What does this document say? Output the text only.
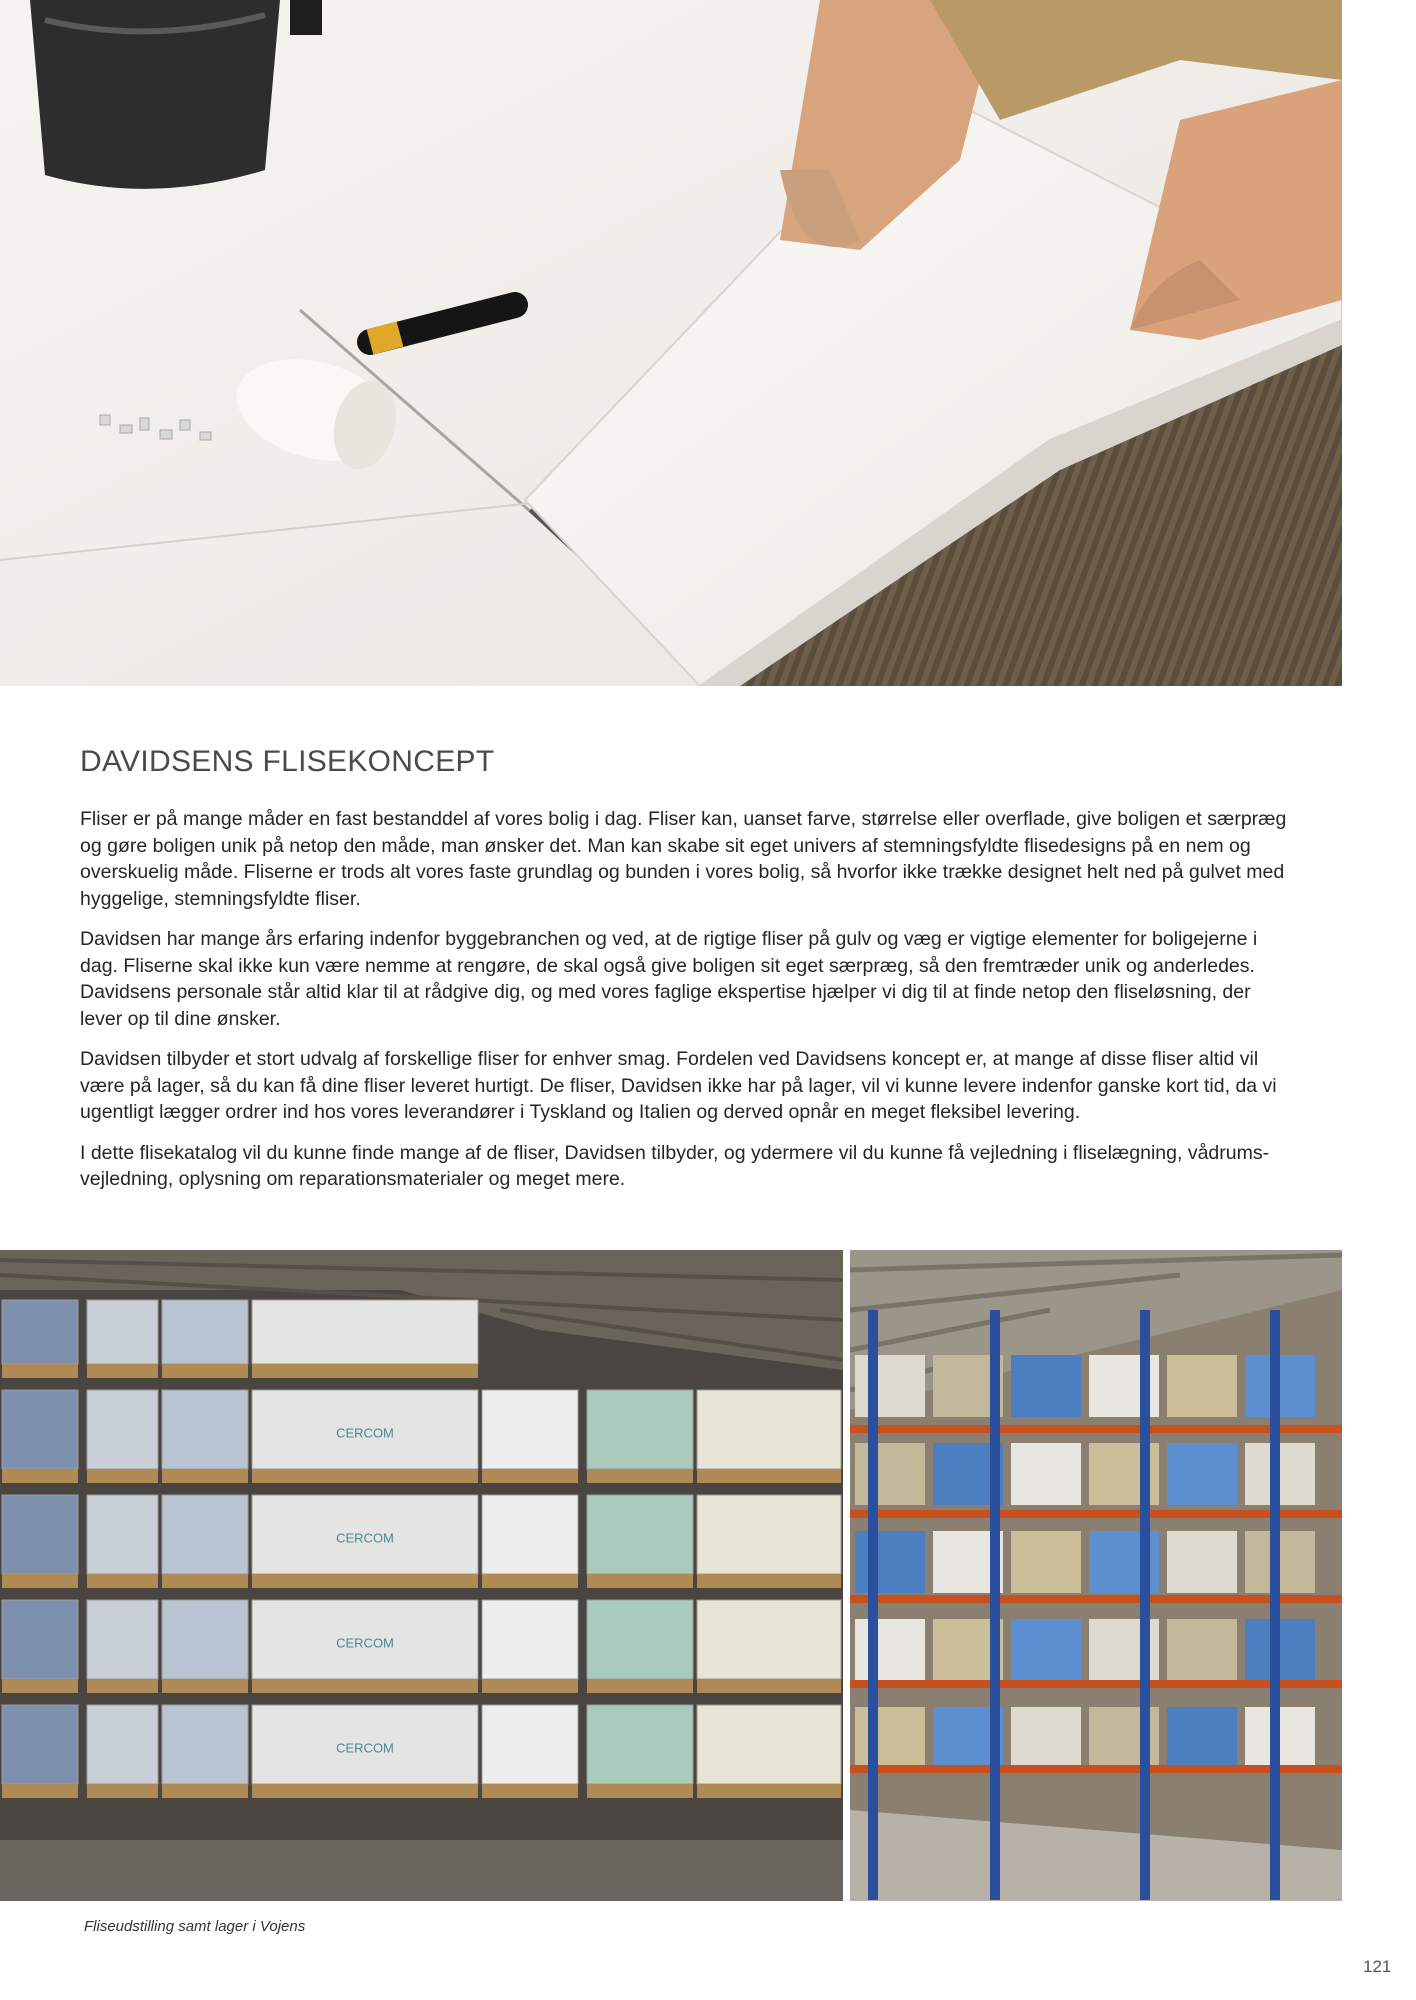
DAVIDSENS FLISEKONCEPT

Fliser er på mange måder en fast bestanddel af vores bolig i dag. Fliser kan, uanset farve, størrelse eller overflade, give boligen et særpræg og gøre boligen unik på netop den måde, man ønsker det. Man kan skabe sit eget univers af stemningsfyldte flisedesigns på en nem og overskuelig måde. Fliserne er trods alt vores faste grundlag og bunden i vores bolig, så hvorfor ikke trække designet helt ned på gulvet med hyggelige, stemningsfyldte fliser.

Davidsen har mange års erfaring indenfor byggebranchen og ved, at de rigtige fliser på gulv og væg er vigtige elementer for boligejerne i dag. Fliserne skal ikke kun være nemme at rengøre, de skal også give boligen sit eget særpræg, så den fremtræder unik og anderledes. Davidsens personale står altid klar til at rådgive dig, og med vores faglige ekspertise hjælper vi dig til at finde netop den fliseløsning, der lever op til dine ønsker.

Davidsen tilbyder et stort udvalg af forskellige fliser for enhver smag. Fordelen ved Davidsens koncept er, at mange af disse fliser altid vil være på lager, så du kan få dine fliser leveret hurtigt. De fliser, Davidsen ikke har på lager, vil vi kunne levere indenfor ganske kort tid, da vi ugentligt lægger ordrer ind hos vores leverandører i Tyskland og Italien og derved opnår en meget fleksibel levering.

I dette flisekatalog vil du kunne finde mange af de fliser, Davidsen tilbyder, og ydermere vil du kunne få vejledning i fliselægning, vådrums-vejledning, oplysning om reparationsmaterialer og meget mere.

CERCOM
CERCOM
CERCOM
CERCOM
Fliseudstilling samt lager i Vojens
121
